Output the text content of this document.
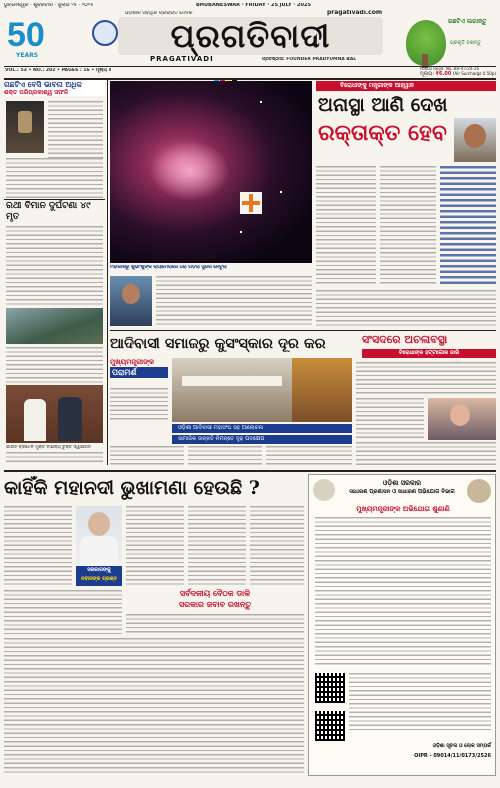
ଭୁବନେଶ୍ୱର · ଶୁକ୍ରବାର · ଜୁଲାଇ ୨୫ · ୨୦୨୫	BHUBANESWAR · FRIDAY · 25 JULY · 2025
ଓଡ଼ିଶାର ସର୍ବାଧିକ ପ୍ରଚାରିତ ଦୈନିକ	pragativadi.com
50
YEARS
ପ୍ରଗତିବାଦୀ
PRAGATIVADI	ପ୍ରତିଷ୍ଠାତା: FOUNDER PRADYUMNA BAL
ଗଛଟିଏ ଲଗାନ୍ତୁ
ପ୍ରକୃତି ବଞ୍ଚାନ୍ତୁ
VOL.: 53 • NO.: 202 • PAGES : 16 • ମୂଲ୍ୟ ୫	Postal Regd. No. BH-47/24-26
ମୂଲ୍ୟ: ₹6.00 (Air Surcharge 0.50p)
ଗଛଟିଏ ବେସି ଭାବନା ଅଧିକ
ଶକ୍ତ ପରିପ୍ରକାଶ୍ୱ ସଫଳି
ରଥୀ ବିମାନ ଦୁର୍ଘଟଣା ୪୯ ମୃତ
ଭାରତ-ବ୍ରିଟେନ ମୁକ୍ତ ବାଣିଜ୍ୟ ଚୁକ୍ତି ସ୍ୱାକ୍ଷରିତ
ମହାକାଶରୁ ଶୁଭାଂଶୁଙ୍କ କ୍ୟାମେରାରେ ଧରା ପଡ଼ିଲା ସୁନ୍ଦର ନେବୁଲା
ବିରୋଧୀଙ୍କୁ ମନ୍ତ୍ରୀଙ୍କ ଆହ୍ୱାନ
ଅନାସ୍ଥା ଆଣି ଦେଖ
ରକ୍ତାକ୍ତ ହେବ
ଆଦିବାସୀ ସମାଜରୁ କୁସଂସ୍କାର ଦୂର କର	ସଂସଦରେ ଅଚଳାବସ୍ଥା
ବିରୋଧୀଙ୍କ ହଟ୍ଟଗୋଳ ଜାରି
ମୁଖ୍ୟମନ୍ତ୍ରୀଙ୍କ
ପରାମର୍ଶ
ଓଡ଼ିଶା ଆଦିବାସୀ ମହାସଂଘ ସହ ଆଲୋଚନା
ସାମାଜିକ ଉନ୍ନତି ନିମନ୍ତେ ଦୃଢ଼ ପଦକ୍ଷେପ
କାହିଁକି ମହାନଦୀ ଭୁଖାମଣା ହେଉଛି ?
ସରକାରଙ୍କୁ
ନବୀନଙ୍କ ପ୍ରଶ୍ନ
ସର୍ବଦଳୀୟ ବୈଠକ ଡାକି
ସରକାର ଜବାବ ରଖନ୍ତୁ
ଓଡ଼ିଶା ସରକାର
ସାଧାରଣ ପ୍ରଶାସନ ଓ ସାଧାରଣ ଅଭିଯୋଗ ବିଭାଗ
ମୁଖ୍ୟମନ୍ତ୍ରୀଙ୍କ ଅଭିଯୋଗ ଶୁଣାଣି
ଓଡ଼ିଶା ସୂଚନା ଓ ଲୋକ ସମ୍ପର୍କ
OIPR - 09014/11/0173/2526
